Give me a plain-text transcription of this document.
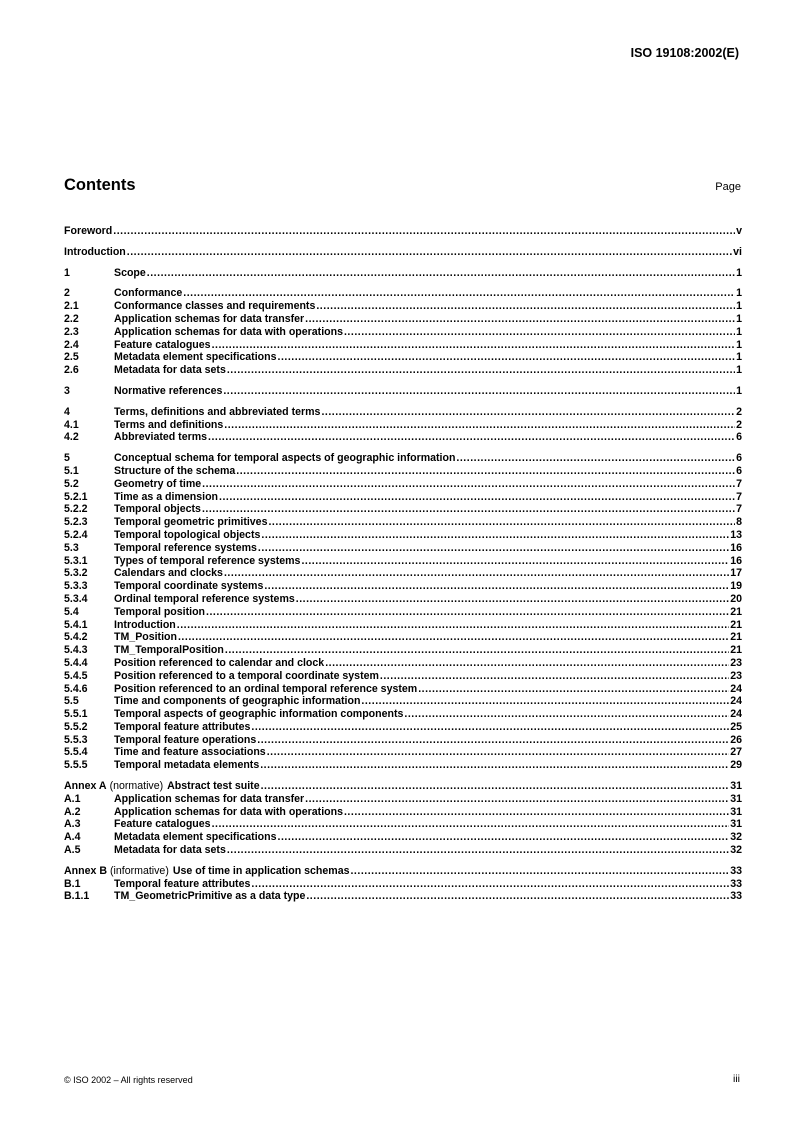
ISO 19108:2002(E)
Contents	Page
Foreword .....	v
Introduction .....	vi
1	Scope .....	1
2	Conformance .....	1
2.1	Conformance classes and requirements .....	1
2.2	Application schemas for data transfer .....	1
2.3	Application schemas for data with operations .....	1
2.4	Feature catalogues .....	1
2.5	Metadata element specifications .....	1
2.6	Metadata for data sets .....	1
3	Normative references .....	1
4	Terms, definitions and abbreviated terms .....	2
4.1	Terms and definitions .....	2
4.2	Abbreviated terms .....	6
5	Conceptual schema for temporal aspects of geographic information .....	6
5.1	Structure of the schema .....	6
5.2	Geometry of time .....	7
5.2.1	Time as a dimension .....	7
5.2.2	Temporal objects .....	7
5.2.3	Temporal geometric primitives .....	8
5.2.4	Temporal topological objects .....	13
5.3	Temporal reference systems .....	16
5.3.1	Types of temporal reference systems .....	16
5.3.2	Calendars and clocks .....	17
5.3.3	Temporal coordinate systems .....	19
5.3.4	Ordinal temporal reference systems .....	20
5.4	Temporal position .....	21
5.4.1	Introduction .....	21
5.4.2	TM_Position .....	21
5.4.3	TM_TemporalPosition .....	21
5.4.4	Position referenced to calendar and clock .....	23
5.4.5	Position referenced to a temporal coordinate system .....	23
5.4.6	Position referenced to an ordinal temporal reference system .....	24
5.5	Time and components of geographic information .....	24
5.5.1	Temporal aspects of geographic information components .....	24
5.5.2	Temporal feature attributes .....	25
5.5.3	Temporal feature operations .....	26
5.5.4	Time and feature associations .....	27
5.5.5	Temporal metadata elements .....	29
Annex A (normative) Abstract test suite .....	31
A.1	Application schemas for data transfer .....	31
A.2	Application schemas for data with operations .....	31
A.3	Feature catalogues .....	31
A.4	Metadata element specifications .....	32
A.5	Metadata for data sets .....	32
Annex B (informative) Use of time in application schemas .....	33
B.1	Temporal feature attributes .....	33
B.1.1	TM_GeometricPrimitive as a data type .....	33
© ISO 2002 – All rights reserved	iii
